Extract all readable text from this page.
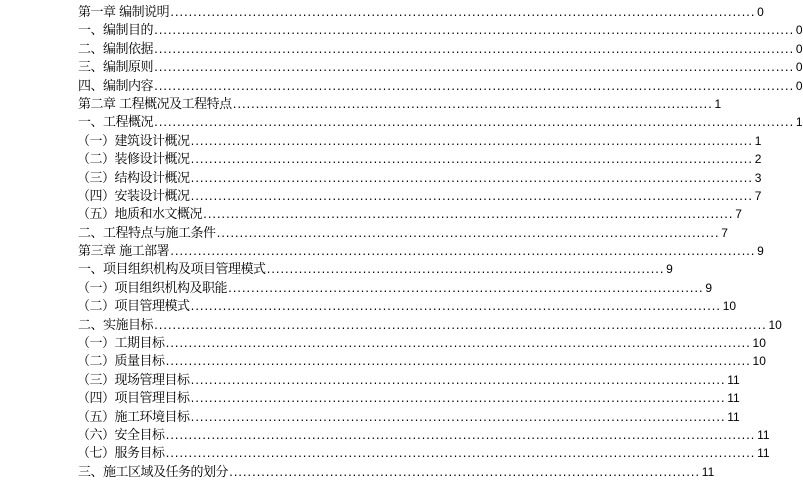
第一章 编制说明................................................................................................................................ 0
一、编制目的............................................................................................................................................ 0
二、编制依据............................................................................................................................................ 0
三、编制原则............................................................................................................................................ 0
四、编制内容............................................................................................................................................ 0
第二章 工程概况及工程特点......................................................................................................... 1
一、工程概况............................................................................................................................................ 1
（一）建筑设计概况........................................................................................................................... 1
（二）装修设计概况........................................................................................................................... 2
（三）结构设计概况........................................................................................................................... 3
（四）安装设计概况........................................................................................................................... 7
（五）地质和水文概况.................................................................................................................... 7
二、工程特点与施工条件.............................................................................................................. 7
第三章 施工部署................................................................................................................................ 9
一、项目组织机构及项目管理模式....................................................................................... 9
（一）项目组织机构及职能........................................................................................................ 9
（二）项目管理模式.................................................................................................................... 10
二、实施目标...................................................................................................................................... 10
（一）工期目标................................................................................................................................ 10
（二）质量目标................................................................................................................................ 10
（三）现场管理目标..................................................................................................................... 11
（四）项目管理目标..................................................................................................................... 11
（五）施工环境目标..................................................................................................................... 11
（六）安全目标................................................................................................................................. 11
（七）服务目标................................................................................................................................. 11
三、施工区域及任务的划分....................................................................................................... 11
